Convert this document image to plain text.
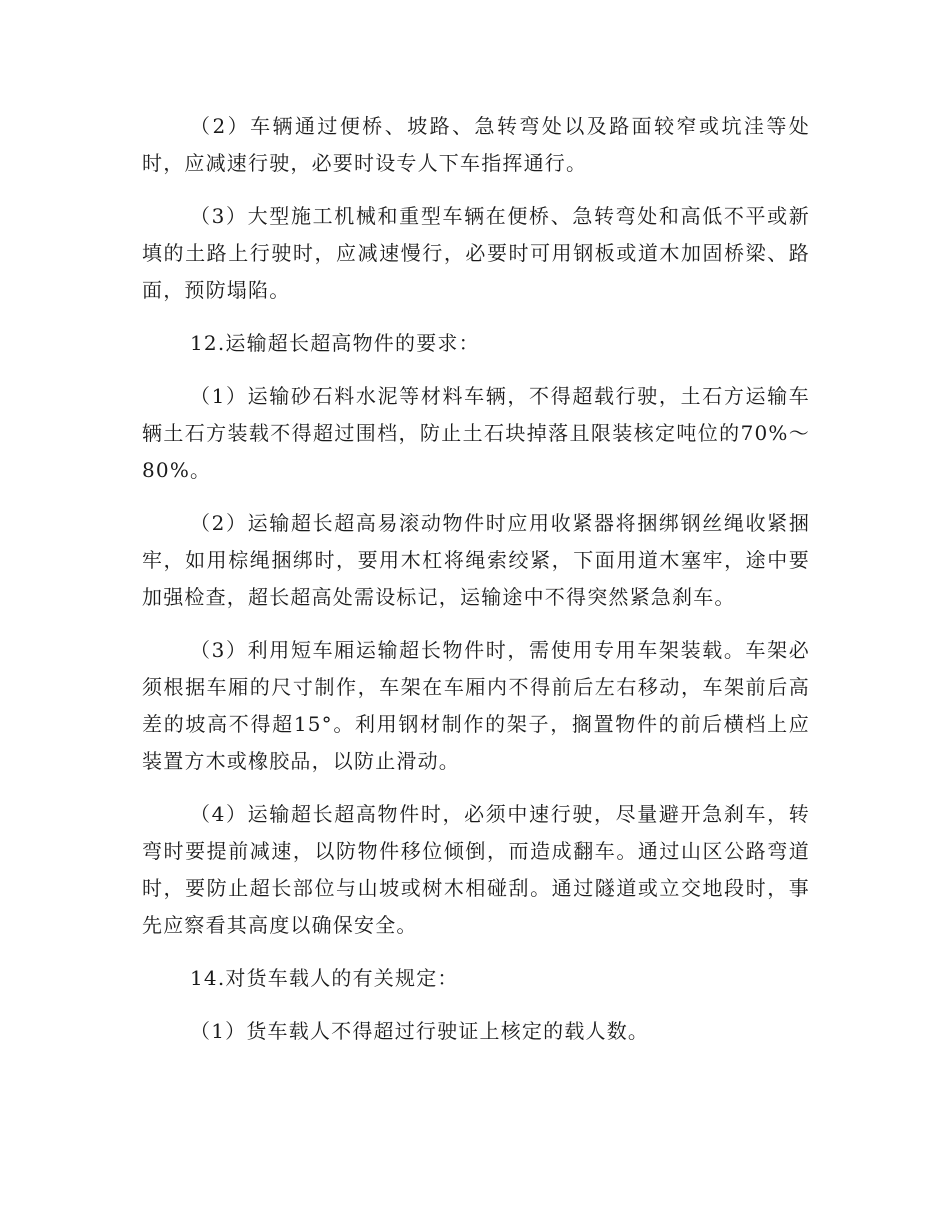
（2）车辆通过便桥、坡路、急转弯处以及路面较窄或坑洼等处时，应减速行驶，必要时设专人下车指挥通行。

（3）大型施工机械和重型车辆在便桥、急转弯处和高低不平或新填的土路上行驶时，应减速慢行，必要时可用钢板或道木加固桥梁、路面，预防塌陷。

12.运输超长超高物件的要求：

（1）运输砂石料水泥等材料车辆，不得超载行驶，土石方运输车辆土石方装载不得超过围档，防止土石块掉落且限装核定吨位的70%～80%。

（2）运输超长超高易滚动物件时应用收紧器将捆绑钢丝绳收紧捆牢，如用棕绳捆绑时，要用木杠将绳索绞紧，下面用道木塞牢，途中要加强检查，超长超高处需设标记，运输途中不得突然紧急刹车。

（3）利用短车厢运输超长物件时，需使用专用车架装载。车架必须根据车厢的尺寸制作，车架在车厢内不得前后左右移动，车架前后高差的坡高不得超15°。利用钢材制作的架子，搁置物件的前后横档上应装置方木或橡胶品，以防止滑动。

（4）运输超长超高物件时，必须中速行驶，尽量避开急刹车，转弯时要提前减速，以防物件移位倾倒，而造成翻车。通过山区公路弯道时，要防止超长部位与山坡或树木相碰刮。通过隧道或立交地段时，事先应察看其高度以确保安全。

14.对货车载人的有关规定：

（1）货车载人不得超过行驶证上核定的载人数。
